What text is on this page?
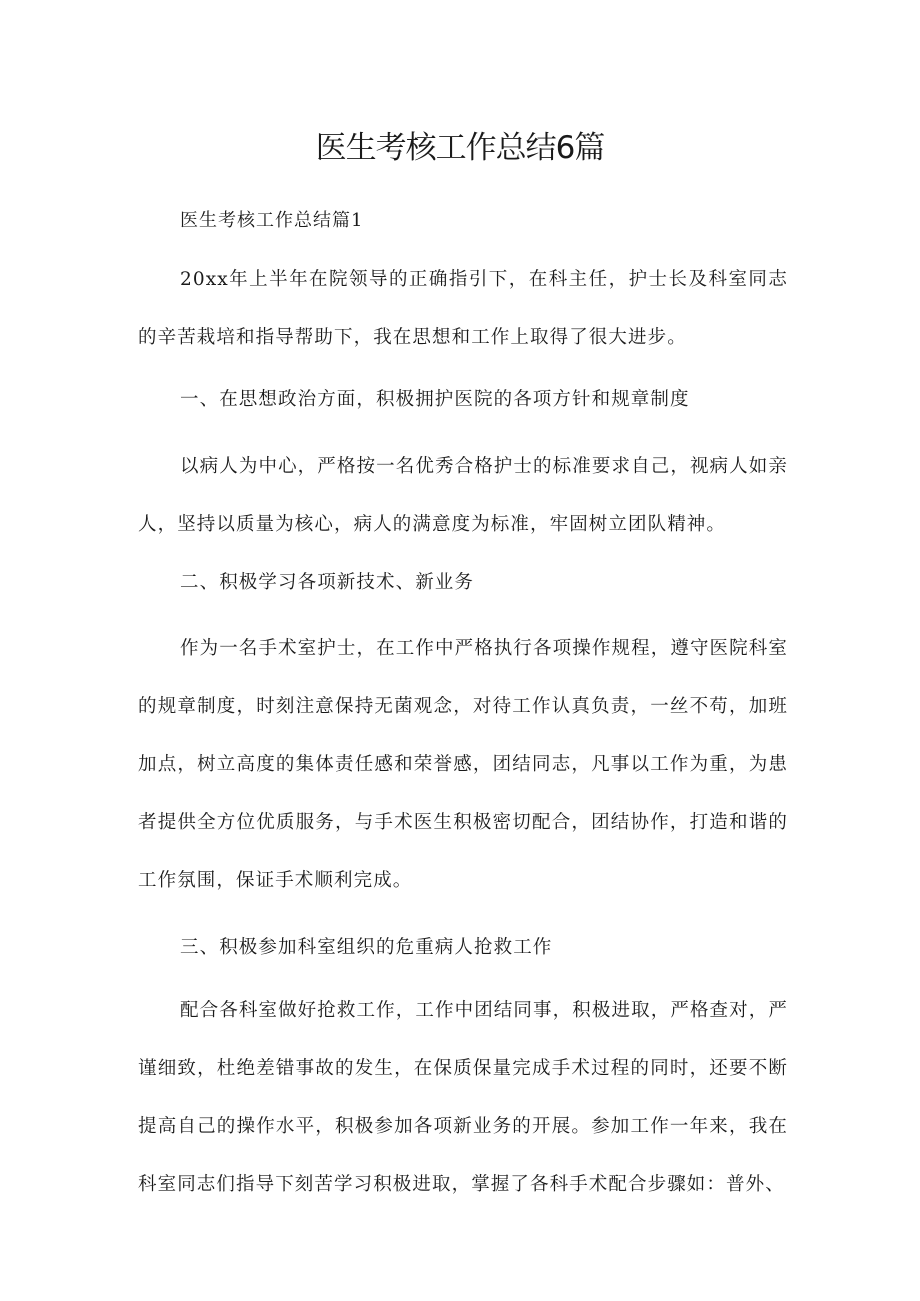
医生考核工作总结6篇

医生考核工作总结篇1

20xx年上半年在院领导的正确指引下，在科主任，护士长及科室同志的辛苦栽培和指导帮助下，我在思想和工作上取得了很大进步。

一、在思想政治方面，积极拥护医院的各项方针和规章制度

以病人为中心，严格按一名优秀合格护士的标准要求自己，视病人如亲人，坚持以质量为核心，病人的满意度为标准，牢固树立团队精神。

二、积极学习各项新技术、新业务

作为一名手术室护士，在工作中严格执行各项操作规程，遵守医院科室的规章制度，时刻注意保持无菌观念，对待工作认真负责，一丝不苟，加班加点，树立高度的集体责任感和荣誉感，团结同志，凡事以工作为重，为患者提供全方位优质服务，与手术医生积极密切配合，团结协作，打造和谐的工作氛围，保证手术顺利完成。

三、积极参加科室组织的危重病人抢救工作

配合各科室做好抢救工作，工作中团结同事，积极进取，严格查对，严谨细致，杜绝差错事故的发生，在保质保量完成手术过程的同时，还要不断提高自己的操作水平，积极参加各项新业务的开展。参加工作一年来，我在科室同志们指导下刻苦学习积极进取，掌握了各科手术配合步骤如：普外、
